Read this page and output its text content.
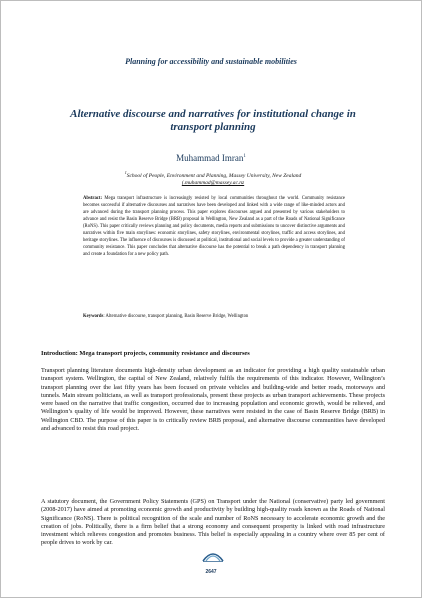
Planning for accessibility and sustainable mobilities
Alternative discourse and narratives for institutional change in transport planning
Muhammad Imran$^1$
$^1$School of People, Environment and Planning, Massey University, New Zealand
(.muhammad@massey.ac.nz
Abstract: Mega transport infrastructure is increasingly resisted by local communities throughout the world. Community resistance becomes successful if alternative discourses and narratives have been developed and linked with a wide range of like-minded actors and are advanced during the transport planning process. This paper explores discourses argued and presented by various stakeholders to advance and resist the Basin Reserve Bridge (BRB) proposal in Wellington, New Zealand as a part of the Roads of National Significance (RoNS). This paper critically reviews planning and policy documents, media reports and submissions to uncover distinctive arguments and narratives within five main storylines: economic storylines, safety storylines, environmental storylines, traffic and access storylines, and heritage storylines. The influence of discourses is discussed at political, institutional and social levels to provide a greater understanding of community resistance. This paper concludes that alternative discourse has the potential to break a path dependency in transport planning and create a foundation for a new policy path.
Keywords: Alternative discourse, transport planning, Basin Reserve Bridge, Wellington
Introduction: Mega transport projects, community resistance and discourses
Transport planning literature documents high-density urban development as an indicator for providing a high quality sustainable urban transport system. Wellington, the capital of New Zealand, relatively fulfils the requirements of this indicator. However, Wellington’s transport planning over the last fifty years has been focused on private vehicles and building-wide and better roads, motorways and tunnels. Main stream politicians, as well as transport professionals, present these projects as urban transport achievements. These projects were based on the narrative that traffic congestion, occurred due to increasing population and economic growth, would be relieved, and Wellington’s quality of life would be improved. However, these narratives were resisted in the case of Basin Reserve Bridge (BRB) in Wellington CBD. The purpose of this paper is to critically review BRB proposal, and alternative discourse communities have developed and advanced to resist this road project.
A statutory document, the Government Policy Statements (GPS) on Transport under the National (conservative) party led government (2008-2017) have aimed at promoting economic growth and productivity by building high-quality roads known as the Roads of National Significance (RoNS). There is political recognition of the scale and number of RoNS necessary to accelerate economic growth and the creation of jobs. Politically, there is a firm belief that a strong economy and consequent prosperity is linked with road infrastructure investment which relieves congestion and promotes business. This belief is especially appealing in a country where over 85 per cent of people drives to work by car.
2647
